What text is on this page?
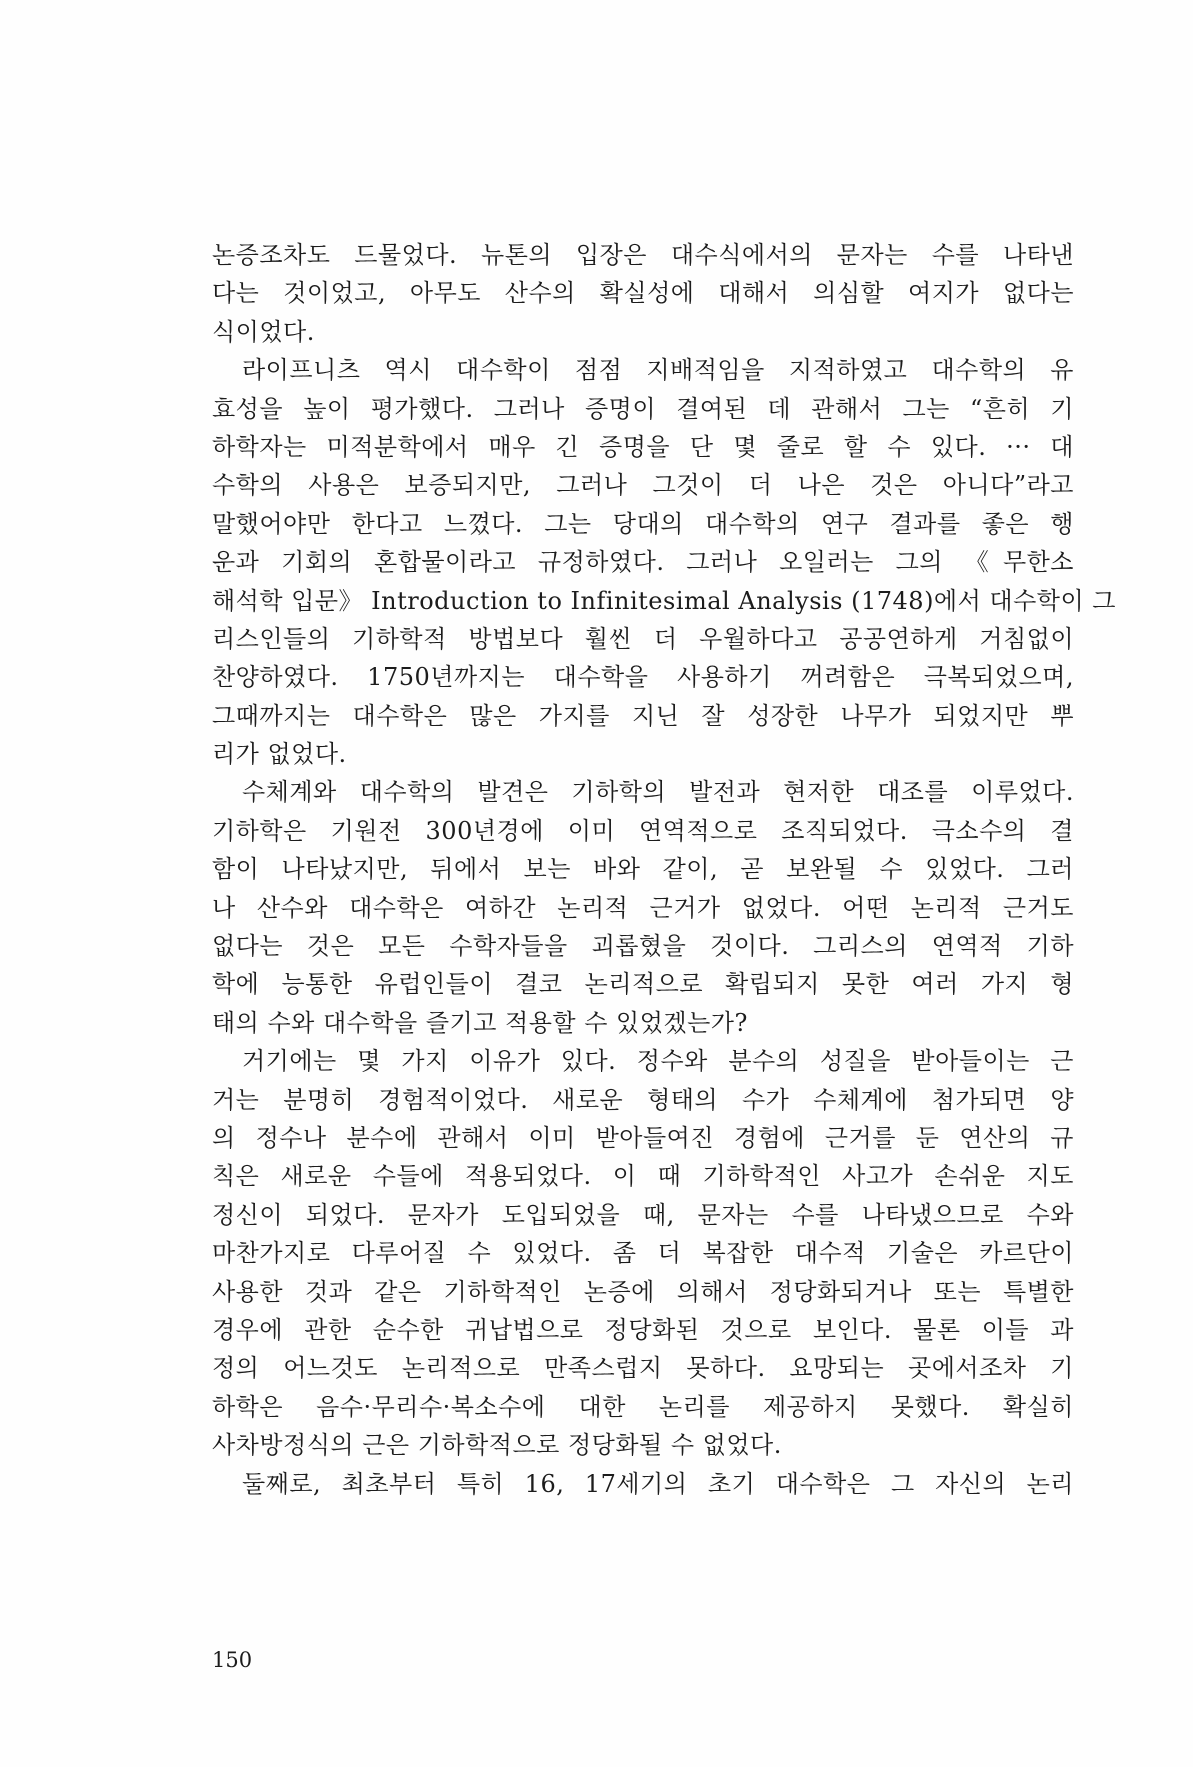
논증조차도 드물었다. 뉴톤의 입장은 대수식에서의 문자는 수를 나타낸
다는 것이었고, 아무도 산수의 확실성에 대해서 의심할 여지가 없다는
식이었다.
라이프니츠 역시 대수학이 점점 지배적임을 지적하였고 대수학의 유
효성을 높이 평가했다. 그러나 증명이 결여된 데 관해서 그는 “흔히 기
하학자는 미적분학에서 매우 긴 증명을 단 몇 줄로 할 수 있다. ··· 대
수학의 사용은 보증되지만, 그러나 그것이 더 나은 것은 아니다”라고
말했어야만 한다고 느꼈다. 그는 당대의 대수학의 연구 결과를 좋은 행
운과 기회의 혼합물이라고 규정하였다. 그러나 오일러는 그의 《무한소
해석학 입문》 Introduction to Infinitesimal Analysis (1748)에서 대수학이 그
리스인들의 기하학적 방법보다 훨씬 더 우월하다고 공공연하게 거침없이
찬양하였다. 1750년까지는 대수학을 사용하기 꺼려함은 극복되었으며,
그때까지는 대수학은 많은 가지를 지닌 잘 성장한 나무가 되었지만 뿌
리가 없었다.
수체계와 대수학의 발견은 기하학의 발전과 현저한 대조를 이루었다.
기하학은 기원전 300년경에 이미 연역적으로 조직되었다. 극소수의 결
함이 나타났지만, 뒤에서 보는 바와 같이, 곧 보완될 수 있었다. 그러
나 산수와 대수학은 여하간 논리적 근거가 없었다. 어떤 논리적 근거도
없다는 것은 모든 수학자들을 괴롭혔을 것이다. 그리스의 연역적 기하
학에 능통한 유럽인들이 결코 논리적으로 확립되지 못한 여러 가지 형
태의 수와 대수학을 즐기고 적용할 수 있었겠는가?
거기에는 몇 가지 이유가 있다. 정수와 분수의 성질을 받아들이는 근
거는 분명히 경험적이었다. 새로운 형태의 수가 수체계에 첨가되면 양
의 정수나 분수에 관해서 이미 받아들여진 경험에 근거를 둔 연산의 규
칙은 새로운 수들에 적용되었다. 이 때 기하학적인 사고가 손쉬운 지도
정신이 되었다. 문자가 도입되었을 때, 문자는 수를 나타냈으므로 수와
마찬가지로 다루어질 수 있었다. 좀 더 복잡한 대수적 기술은 카르단이
사용한 것과 같은 기하학적인 논증에 의해서 정당화되거나 또는 특별한
경우에 관한 순수한 귀납법으로 정당화된 것으로 보인다. 물론 이들 과
정의 어느것도 논리적으로 만족스럽지 못하다. 요망되는 곳에서조차 기
하학은 음수·무리수·복소수에 대한 논리를 제공하지 못했다. 확실히
사차방정식의 근은 기하학적으로 정당화될 수 없었다.
둘째로, 최초부터 특히 16, 17세기의 초기 대수학은 그 자신의 논리
150
